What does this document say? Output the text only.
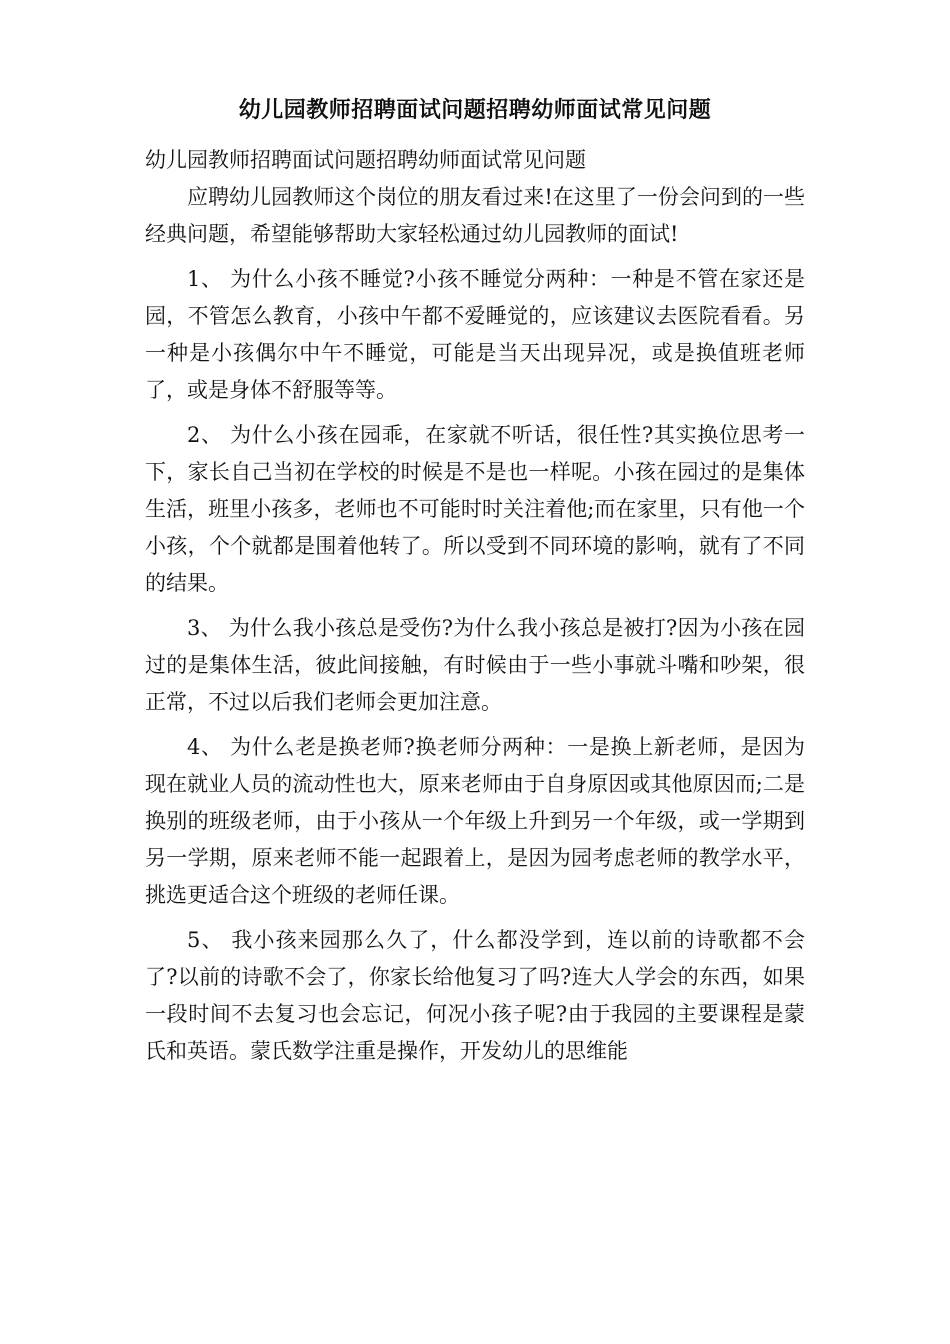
幼儿园教师招聘面试问题招聘幼师面试常见问题

幼儿园教师招聘面试问题招聘幼师面试常见问题

应聘幼儿园教师这个岗位的朋友看过来!在这里了一份会问到的一些经典问题，希望能够帮助大家轻松通过幼儿园教师的面试!

1、 为什么小孩不睡觉?小孩不睡觉分两种：一种是不管在家还是园，不管怎么教育，小孩中午都不爱睡觉的，应该建议去医院看看。另一种是小孩偶尔中午不睡觉，可能是当天出现异况，或是换值班老师了，或是身体不舒服等等。

2、 为什么小孩在园乖，在家就不听话，很任性?其实换位思考一下，家长自己当初在学校的时候是不是也一样呢。小孩在园过的是集体生活，班里小孩多，老师也不可能时时关注着他;而在家里，只有他一个小孩，个个就都是围着他转了。所以受到不同环境的影响，就有了不同的结果。

3、 为什么我小孩总是受伤?为什么我小孩总是被打?因为小孩在园过的是集体生活，彼此间接触，有时候由于一些小事就斗嘴和吵架，很正常，不过以后我们老师会更加注意。

4、 为什么老是换老师?换老师分两种：一是换上新老师，是因为现在就业人员的流动性也大，原来老师由于自身原因或其他原因而;二是换别的班级老师，由于小孩从一个年级上升到另一个年级，或一学期到另一学期，原来老师不能一起跟着上，是因为园考虑老师的教学水平，挑选更适合这个班级的老师任课。

5、 我小孩来园那么久了，什么都没学到，连以前的诗歌都不会了?以前的诗歌不会了，你家长给他复习了吗?连大人学会的东西，如果一段时间不去复习也会忘记，何况小孩子呢?由于我园的主要课程是蒙氏和英语。蒙氏数学注重是操作，开发幼儿的思维能
